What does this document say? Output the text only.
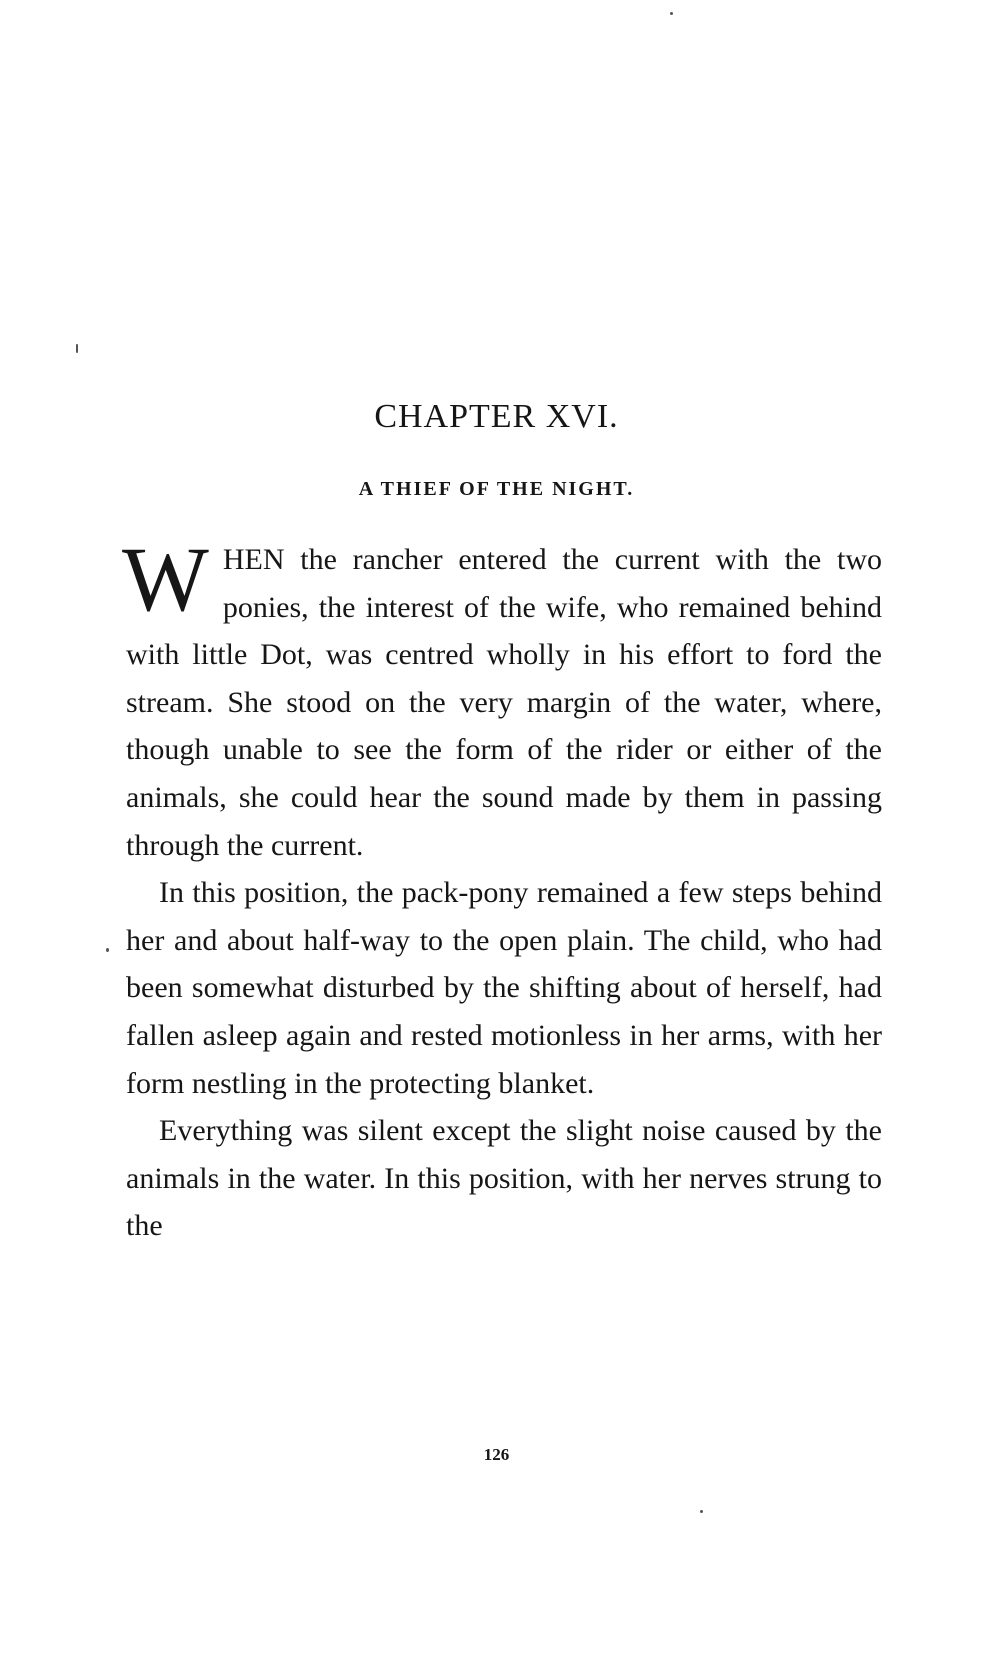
CHAPTER XVI.
A THIEF OF THE NIGHT.

WHEN the rancher entered the current with the two ponies, the interest of the wife, who remained behind with little Dot, was centred wholly in his effort to ford the stream. She stood on the very margin of the water, where, though unable to see the form of the rider or either of the animals, she could hear the sound made by them in passing through the current.

In this position, the pack-pony remained a few steps behind her and about half-way to the open plain. The child, who had been somewhat disturbed by the shifting about of herself, had fallen asleep again and rested motionless in her arms, with her form nestling in the protecting blanket.

Everything was silent except the slight noise caused by the animals in the water. In this position, with her nerves strung to the

126
